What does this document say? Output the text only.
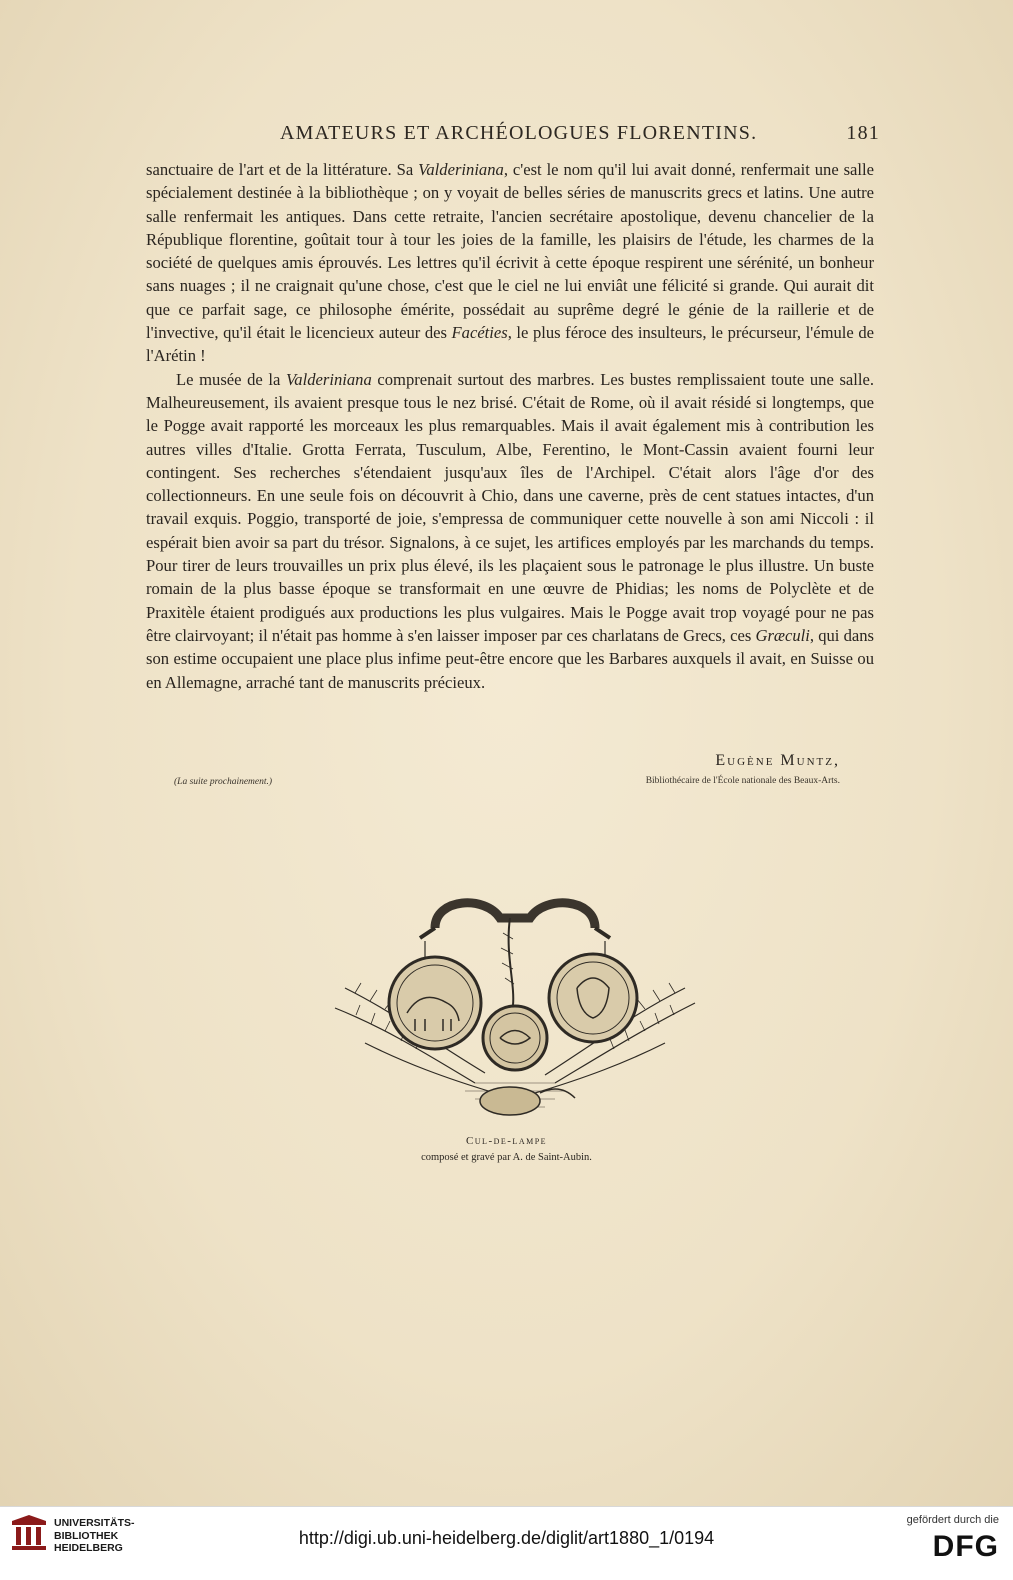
AMATEURS ET ARCHÉOLOGUES FLORENTINS.	181

sanctuaire de l'art et de la littérature. Sa Valderiniana, c'est le nom qu'il lui avait donné, renfermait une salle spécialement destinée à la bibliothèque ; on y voyait de belles séries de manuscrits grecs et latins. Une autre salle renfermait les antiques. Dans cette retraite, l'ancien secrétaire apostolique, devenu chancelier de la République florentine, goûtait tour à tour les joies de la famille, les plaisirs de l'étude, les charmes de la société de quelques amis éprouvés. Les lettres qu'il écrivit à cette époque respirent une sérénité, un bonheur sans nuages ; il ne craignait qu'une chose, c'est que le ciel ne lui enviât une félicité si grande. Qui aurait dit que ce parfait sage, ce philosophe émérite, possédait au suprême degré le génie de la raillerie et de l'invective, qu'il était le licencieux auteur des Facéties, le plus féroce des insulteurs, le précurseur, l'émule de l'Arétin !

Le musée de la Valderiniana comprenait surtout des marbres. Les bustes remplissaient toute une salle. Malheureusement, ils avaient presque tous le nez brisé. C'était de Rome, où il avait résidé si longtemps, que le Pogge avait rapporté les morceaux les plus remarquables. Mais il avait également mis à contribution les autres villes d'Italie. Grotta Ferrata, Tusculum, Albe, Ferentino, le Mont-Cassin avaient fourni leur contingent. Ses recherches s'étendaient jusqu'aux îles de l'Archipel. C'était alors l'âge d'or des collectionneurs. En une seule fois on découvrit à Chio, dans une caverne, près de cent statues intactes, d'un travail exquis. Poggio, transporté de joie, s'empressa de communiquer cette nouvelle à son ami Niccoli : il espérait bien avoir sa part du trésor. Signalons, à ce sujet, les artifices employés par les marchands du temps. Pour tirer de leurs trouvailles un prix plus élevé, ils les plaçaient sous le patronage le plus illustre. Un buste romain de la plus basse époque se transformait en une œuvre de Phidias; les noms de Polyclète et de Praxitèle étaient prodigués aux productions les plus vulgaires. Mais le Pogge avait trop voyagé pour ne pas être clairvoyant; il n'était pas homme à s'en laisser imposer par ces charlatans de Grecs, ces Græculi, qui dans son estime occupaient une place plus infime peut-être encore que les Barbares auxquels il avait, en Suisse ou en Allemagne, arraché tant de manuscrits précieux.

Eugène Muntz,
Bibliothécaire de l'École nationale des Beaux-Arts.
(La suite prochainement.)
Cul-de-lampe
composé et gravé par A. de Saint-Aubin.
UNIVERSITÄTS-
BIBLIOTHEK
HEIDELBERG	http://digi.ub.uni-heidelberg.de/diglit/art1880_1/0194
gefördert durch die
DFG
